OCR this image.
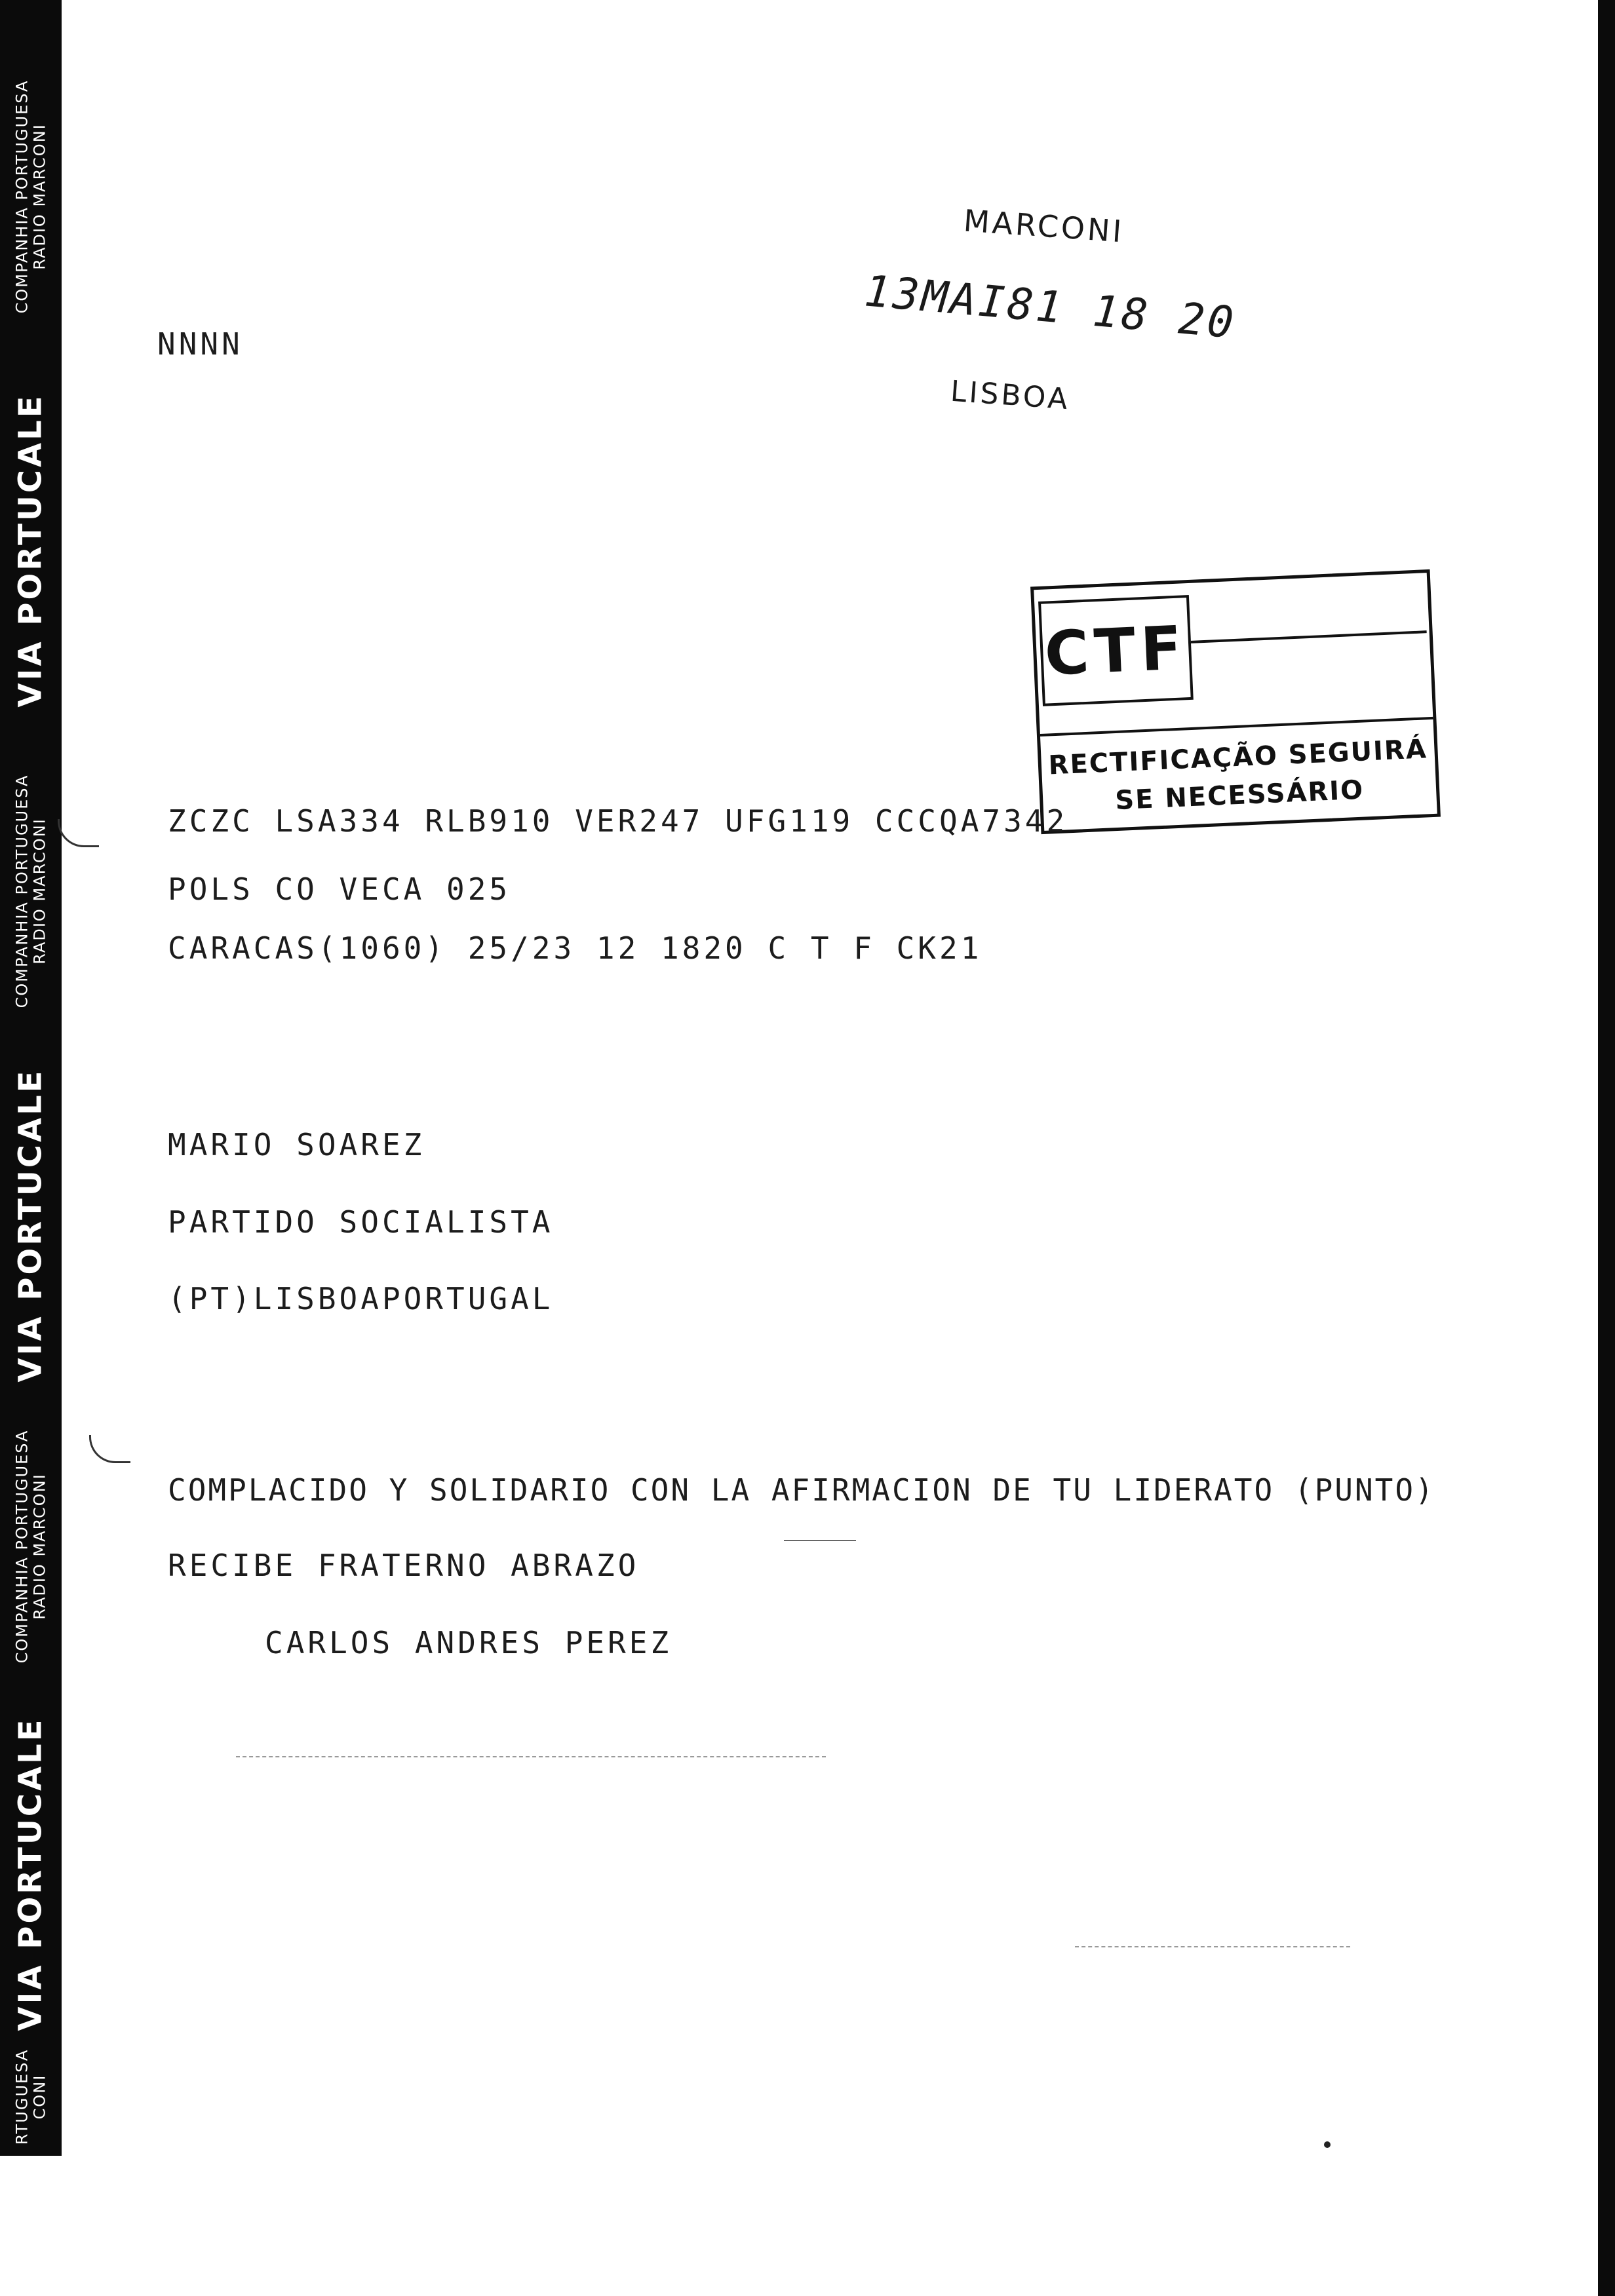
COMPANHIA PORTUGUESA RADIO MARCONI
VIA PORTUCALE
COMPANHIA PORTUGUESA RADIO MARCONI
VIA PORTUCALE
COMPANHIA PORTUGUESA RADIO MARCONI
VIA PORTUCALE
RTUGUESA CONI
RADIO MARCONI
MARCONI
13MAI81 18 20
LISBOA
CTF
RECTIFICAÇÃO SEGUIRÁ
SE NECESSÁRIO
NNNN
ZCZC LSA334 RLB910 VER247 UFG119 CCCQA7342
POLS CO VECA 025
CARACAS(1060) 25/23 12 1820 C T F CK21
MARIO SOAREZ
PARTIDO SOCIALISTA
(PT)LISBOAPORTUGAL
COMPLACIDO Y SOLIDARIO CON LA AFIRMACION DE TU LIDERATO (PUNTO)
RECIBE FRATERNO ABRAZO
CARLOS ANDRES PEREZ
